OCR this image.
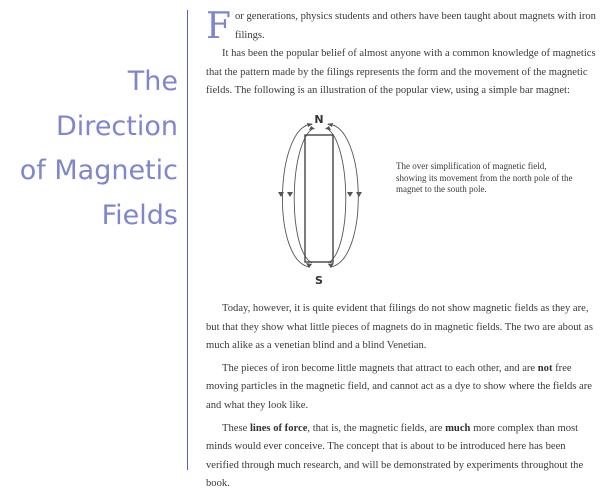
The
Direction
of Magnetic
Fields

For generations, physics students and others have been taught about magnets with iron filings.

It has been the popular belief of almost anyone with a common knowledge of magnetics that the pattern made by the filings represents the form and the movement of the magnetic fields. The following is an illustration of the popular view, using a simple bar magnet:

N
S
The over simplification of magnetic field, showing its movement from the north pole of the magnet to the south pole.

Today, however, it is quite evident that filings do not show magnetic fields as they are, but that they show what little pieces of magnets do in magnetic fields. The two are about as much alike as a venetian blind and a blind Venetian.

The pieces of iron become little magnets that attract to each other, and are not free moving particles in the magnetic field, and cannot act as a dye to show where the fields are and what they look like.

These lines of force, that is, the magnetic fields, are much more complex than most minds would ever conceive. The concept that is about to be introduced here has been verified through much research, and will be demonstrated by experiments throughout the book.
